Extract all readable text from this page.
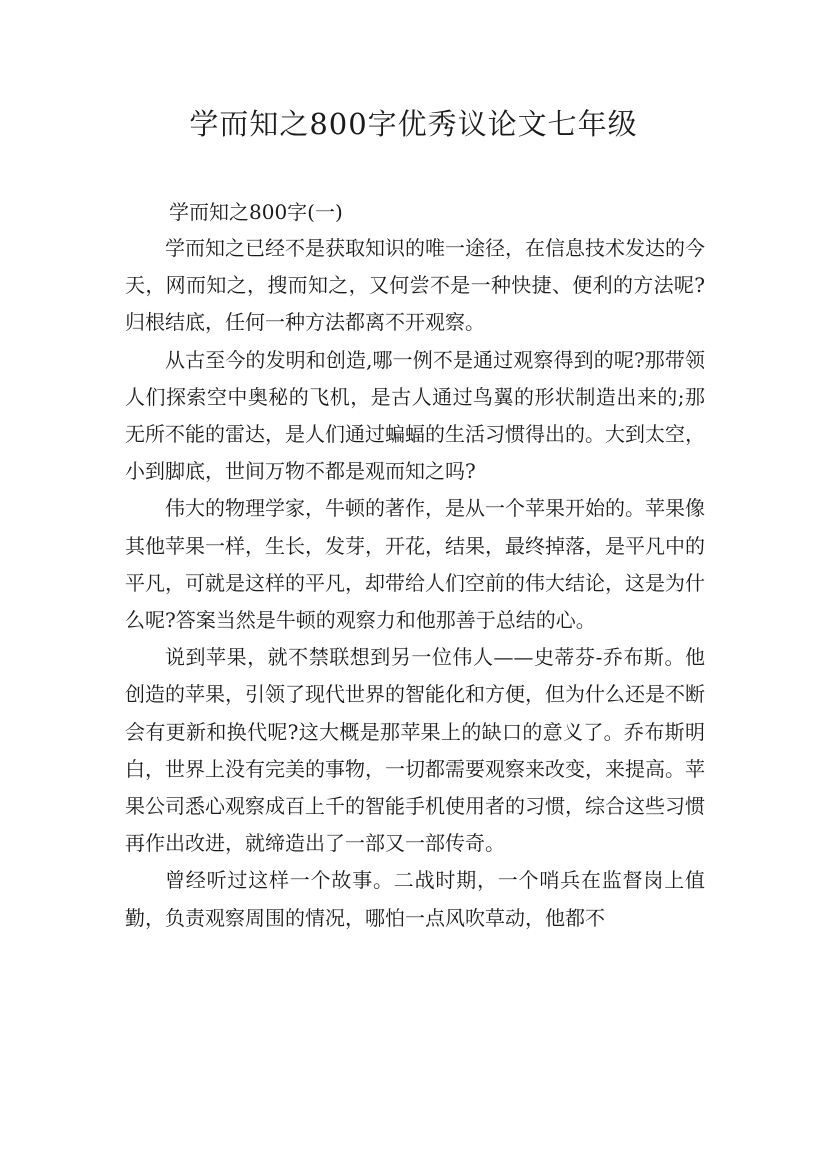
学而知之800字优秀议论文七年级

学而知之800字(一)

学而知之已经不是获取知识的唯一途径，在信息技术发达的今天，网而知之，搜而知之，又何尝不是一种快捷、便利的方法呢?归根结底，任何一种方法都离不开观察。

从古至今的发明和创造,哪一例不是通过观察得到的呢?那带领人们探索空中奥秘的飞机，是古人通过鸟翼的形状制造出来的;那无所不能的雷达，是人们通过蝙蝠的生活习惯得出的。大到太空，小到脚底，世间万物不都是观而知之吗?

伟大的物理学家，牛顿的著作，是从一个苹果开始的。苹果像其他苹果一样，生长，发芽，开花，结果，最终掉落，是平凡中的平凡，可就是这样的平凡，却带给人们空前的伟大结论，这是为什么呢?答案当然是牛顿的观察力和他那善于总结的心。

说到苹果，就不禁联想到另一位伟人——史蒂芬-乔布斯。他创造的苹果，引领了现代世界的智能化和方便，但为什么还是不断会有更新和换代呢?这大概是那苹果上的缺口的意义了。乔布斯明白，世界上没有完美的事物，一切都需要观察来改变，来提高。苹果公司悉心观察成百上千的智能手机使用者的习惯，综合这些习惯再作出改进，就缔造出了一部又一部传奇。

曾经听过这样一个故事。二战时期，一个哨兵在监督岗上值勤，负责观察周围的情况，哪怕一点风吹草动，他都不
